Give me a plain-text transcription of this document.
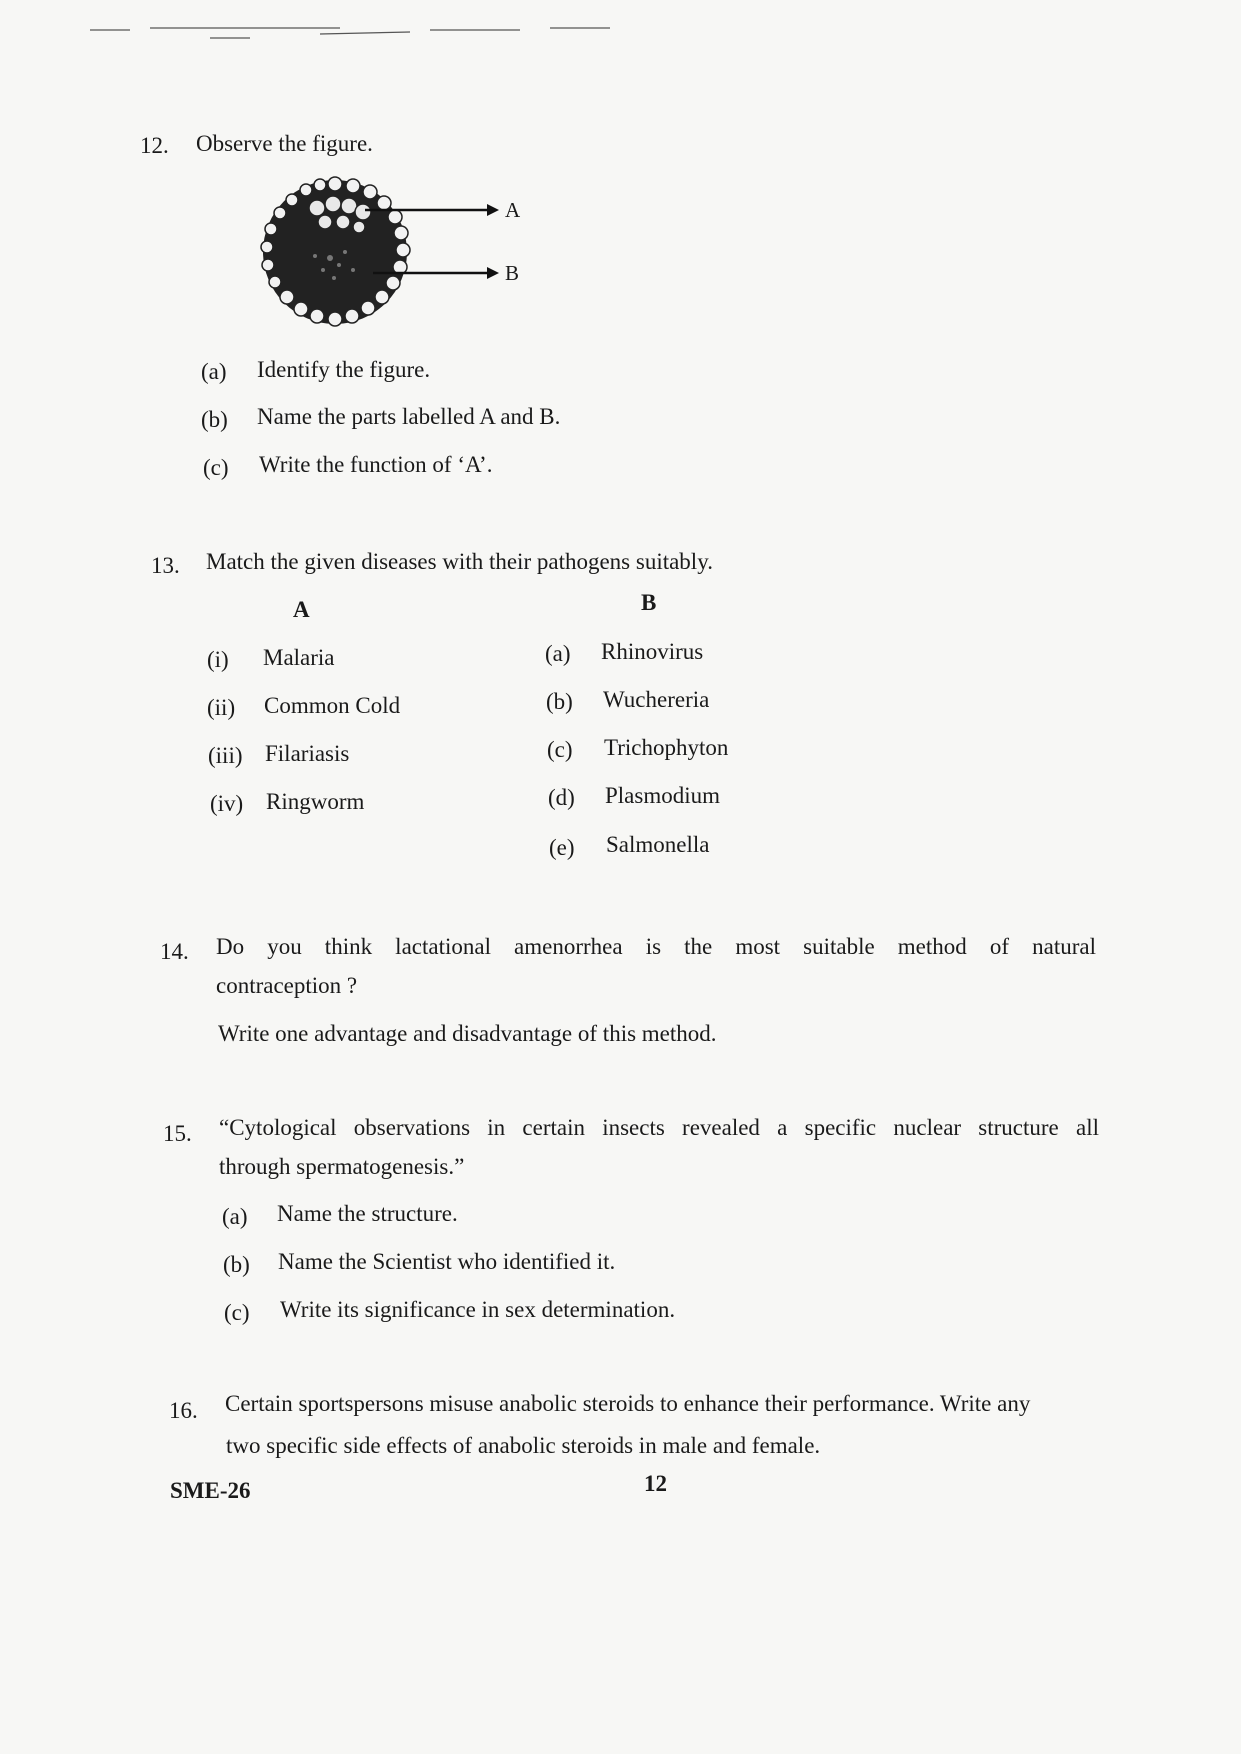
12. Observe the figure.
A
B
(a) Identify the figure.
(b) Name the parts labelled A and B.
(c) Write the function of ‘A’.
13. Match the given diseases with their pathogens suitably.
A	B
(i) Malaria
(ii) Common Cold
(iii) Filariasis
(iv) Ringworm
(a) Rhinovirus
(b) Wuchereria
(c) Trichophyton
(d) Plasmodium
(e) Salmonella
14. Do you think lactational amenorrhea is the most suitable method of natural
contraception ?
Write one advantage and disadvantage of this method.
15. “Cytological observations in certain insects revealed a specific nuclear structure all
through spermatogenesis.”
(a) Name the structure.
(b) Name the Scientist who identified it.
(c) Write its significance in sex determination.
16. Certain sportspersons misuse anabolic steroids to enhance their performance. Write any
two specific side effects of anabolic steroids in male and female.
SME-26	12
